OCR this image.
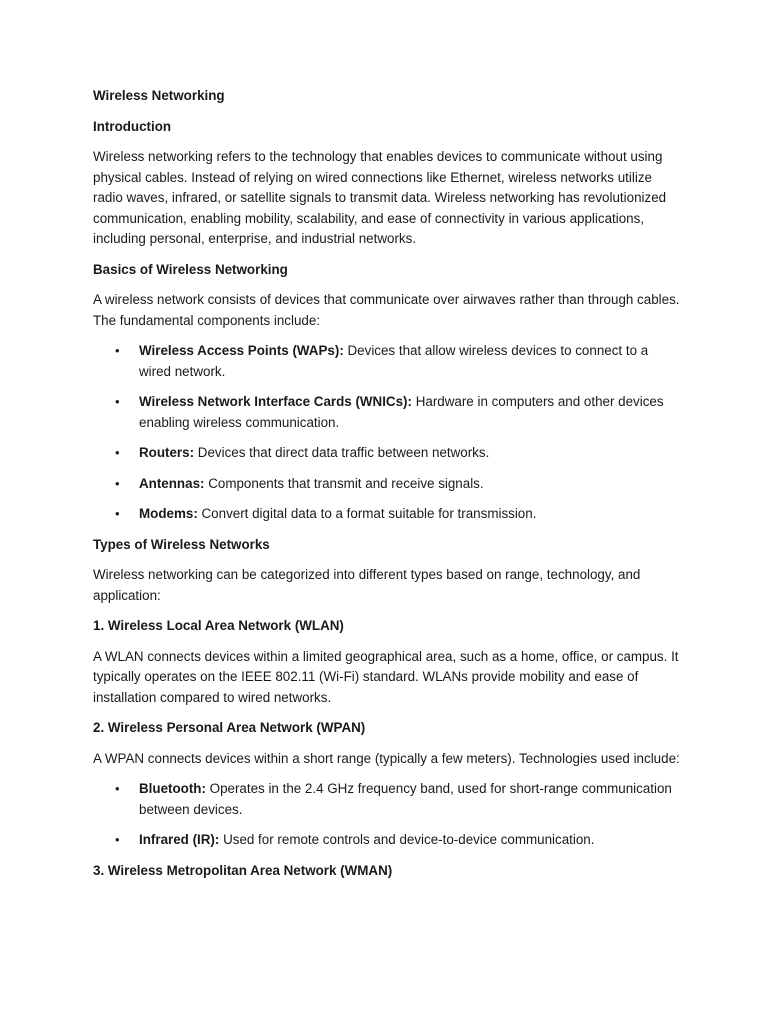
Wireless Networking

Introduction

Wireless networking refers to the technology that enables devices to communicate without using physical cables. Instead of relying on wired connections like Ethernet, wireless networks utilize radio waves, infrared, or satellite signals to transmit data. Wireless networking has revolutionized communication, enabling mobility, scalability, and ease of connectivity in various applications, including personal, enterprise, and industrial networks.

Basics of Wireless Networking

A wireless network consists of devices that communicate over airwaves rather than through cables. The fundamental components include:

• Wireless Access Points (WAPs): Devices that allow wireless devices to connect to a wired network.
• Wireless Network Interface Cards (WNICs): Hardware in computers and other devices enabling wireless communication.
• Routers: Devices that direct data traffic between networks.
• Antennas: Components that transmit and receive signals.
• Modems: Convert digital data to a format suitable for transmission.

Types of Wireless Networks

Wireless networking can be categorized into different types based on range, technology, and application:

1. Wireless Local Area Network (WLAN)

A WLAN connects devices within a limited geographical area, such as a home, office, or campus. It typically operates on the IEEE 802.11 (Wi-Fi) standard. WLANs provide mobility and ease of installation compared to wired networks.

2. Wireless Personal Area Network (WPAN)

A WPAN connects devices within a short range (typically a few meters). Technologies used include:

• Bluetooth: Operates in the 2.4 GHz frequency band, used for short-range communication between devices.
• Infrared (IR): Used for remote controls and device-to-device communication.

3. Wireless Metropolitan Area Network (WMAN)
